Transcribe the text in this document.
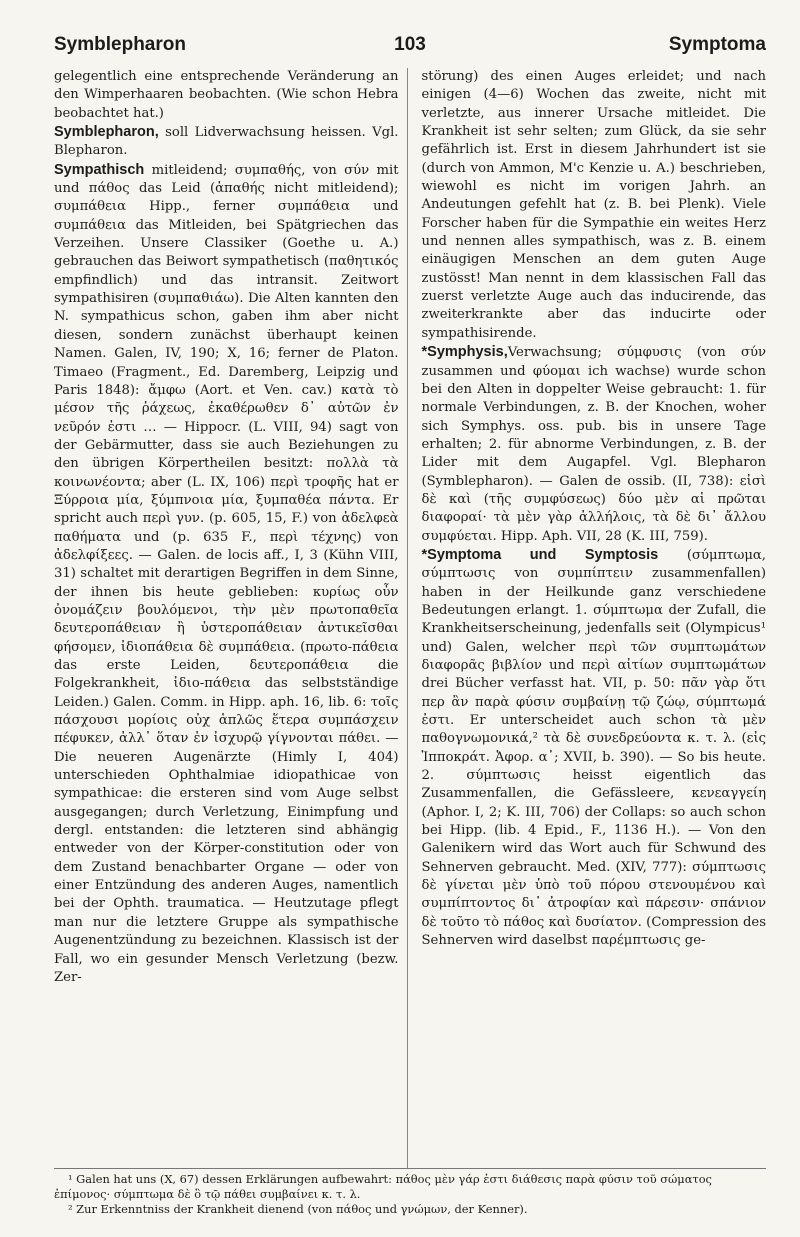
Symblepharon	103	Symptoma

gelegentlich eine entsprechende Veränderung an den Wimperhaaren beobachten. (Wie schon Hebra beobachtet hat.)

Symblepharon, soll Lidverwachsung heissen. Vgl. Blepharon.

Sympathisch mitleidend; συμπαθής, von σύν mit und πάθος das Leid (ἀπαθής nicht mitleidend); συμπάθεια Hipp., ferner συμπάθεια und συμπάθεια das Mitleiden, bei Spätgriechen das Verzeihen. Unsere Classiker (Goethe u. A.) gebrauchen das Beiwort sympathetisch (παθητικός empfindlich) und das intransit. Zeitwort sympathisiren (συμπαθιάω). Die Alten kannten den N. sympathicus schon, gaben ihm aber nicht diesen, sondern zunächst überhaupt keinen Namen. Galen, IV, 190; X, 16; ferner de Platon. Timaeo (Fragment., Ed. Daremberg, Leipzig und Paris 1848): ἄμφω (Aort. et Ven. cav.) κατὰ τὸ μέσον τῆς ῥάχεως, ἐκαθέρωθεν δ᾽ αὐτῶν ἐν νεῦρόν ἐστι … — Hippocr. (L. VIII, 94) sagt von der Gebärmutter, dass sie auch Beziehungen zu den übrigen Körpertheilen besitzt: πολλὰ τὰ κοινωνέοντα; aber (L. IX, 106) περὶ τροφῆς hat er Ξύρροια μία, ξύμπνοια μία, ξυμπαθέα πάντα. Er spricht auch περὶ γυν. (p. 605, 15, F.) von ἀδελφεὰ παθήματα und (p. 635 F., περὶ τέχνης) von ἀδελφίξεες. — Galen. de locis aff., I, 3 (Kühn VIII, 31) schaltet mit derartigen Begriffen in dem Sinne, der ihnen bis heute geblieben: κυρίως οὖν ὀνομάζειν βουλόμενοι, τὴν μὲν πρωτοπαθεῖα δευτεροπάθειαν ἢ ὑστεροπάθειαν ἀντικεῖσθαι φήσομεν, ἰδιοπάθεια δὲ συμπάθεια. (πρωτο-πάθεια das erste Leiden, δευτεροπάθεια die Folgekrankheit, ἰδιο-πάθεια das selbstständige Leiden.) Galen. Comm. in Hipp. aph. 16, lib. 6: τοῖς πάσχουσι μορίοις οὐχ ἁπλῶς ἕτερα συμπάσχειν πέφυκεν, ἀλλ᾽ ὅταν ἐν ἰσχυρῷ γίγνονται πάθει. — Die neueren Augenärzte (Himly I, 404) unterschieden Ophthalmiae idiopathicae von sympathicae: die ersteren sind vom Auge selbst ausgegangen; durch Verletzung, Einimpfung und dergl. entstanden: die letzteren sind abhängig entweder von der Körper-constitution oder von dem Zustand benachbarter Organe — oder von einer Entzündung des anderen Auges, namentlich bei der Ophth. traumatica. — Heutzutage pflegt man nur die letztere Gruppe als sympathische Augenentzündung zu bezeichnen. Klassisch ist der Fall, wo ein gesunder Mensch Verletzung (bezw. Zer-

störung) des einen Auges erleidet; und nach einigen (4—6) Wochen das zweite, nicht mit verletzte, aus innerer Ursache mitleidet. Die Krankheit ist sehr selten; zum Glück, da sie sehr gefährlich ist. Erst in diesem Jahrhundert ist sie (durch von Ammon, M'c Kenzie u. A.) beschrieben, wiewohl es nicht im vorigen Jahrh. an Andeutungen gefehlt hat (z. B. bei Plenk). Viele Forscher haben für die Sympathie ein weites Herz und nennen alles sympathisch, was z. B. einem einäugigen Menschen an dem guten Auge zustösst! Man nennt in dem klassischen Fall das zuerst verletzte Auge auch das inducirende, das zweiterkrankte aber das inducirte oder sympathisirende.

*Symphysis,Verwachsung; σύμφυσις (von σύν zusammen und φύομαι ich wachse) wurde schon bei den Alten in doppelter Weise gebraucht: 1. für normale Verbindungen, z. B. der Knochen, woher sich Symphys. oss. pub. bis in unsere Tage erhalten; 2. für abnorme Verbindungen, z. B. der Lider mit dem Augapfel. Vgl. Blepharon (Symblepharon). — Galen de ossib. (II, 738): εἰσὶ δὲ καὶ (τῆς συμφύσεως) δύο μὲν αἱ πρῶται διαφοραί· τὰ μὲν γὰρ ἀλλήλοις, τὰ δὲ δι᾽ ἄλλου συμφύεται. Hipp. Aph. VII, 28 (K. III, 759).

*Symptoma und Symptosis (σύμπτωμα, σύμπτωσις von συμπίπτειν zusammenfallen) haben in der Heilkunde ganz verschiedene Bedeutungen erlangt. 1. σύμπτωμα der Zufall, die Krankheitserscheinung, jedenfalls seit (Olympicus¹ und) Galen, welcher περὶ τῶν συμπτωμάτων διαφορᾶς βιβλίον und περὶ αἰτίων συμπτωμάτων drei Bücher verfasst hat. VII, p. 50: πᾶν γὰρ ὅτι περ ἂν παρὰ φύσιν συμβαίνῃ τῷ ζώῳ, σύμπτωμά ἐστι. Er unterscheidet auch schon τὰ μὲν παθογνωμονικά,² τὰ δὲ συνεδρεύοντα κ. τ. λ. (εἰς Ἱπποκράτ. Ἀφορ. α᾽; XVII, b. 390). — So bis heute. 2. σύμπτωσις heisst eigentlich das Zusammenfallen, die Gefässleere, κενεαγγείη (Aphor. I, 2; K. III, 706) der Collaps: so auch schon bei Hipp. (lib. 4 Epid., F., 1136 H.). — Von den Galenikern wird das Wort auch für Schwund des Sehnerven gebraucht. Med. (XIV, 777): σύμπτωσις δὲ γίνεται μὲν ὑπὸ τοῦ πόρου στενουμένου καὶ συμπίπτοντος δι᾽ ἀτροφίαν καὶ πάρεσιν· σπάνιον δὲ τοῦτο τὸ πάθος καὶ δυσίατον. (Compression des Sehnerven wird daselbst παρέμπτωσις ge-

¹ Galen hat uns (X, 67) dessen Erklärungen aufbewahrt: πάθος μὲν γάρ ἐστι διάθεσις παρὰ φύσιν τοῦ σώματος ἐπίμονος· σύμπτωμα δὲ ὃ τῷ πάθει συμβαίνει κ. τ. λ.

² Zur Erkenntniss der Krankheit dienend (von πάθος und γνώμων, der Kenner).
